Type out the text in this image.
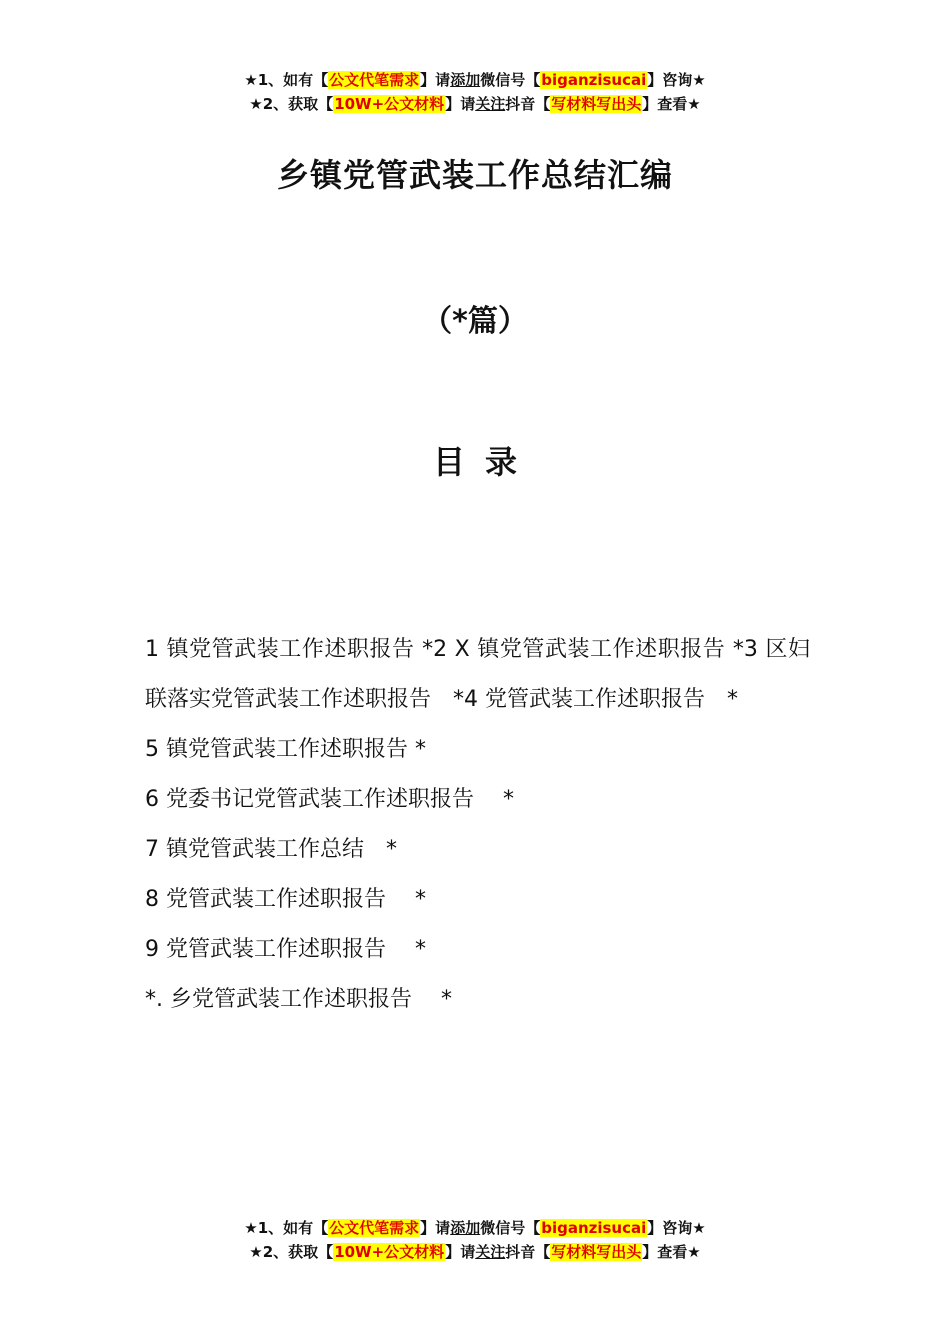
★1、如有【公文代笔需求】请添加微信号【biganzisucai】咨询★
★2、获取【10W+公文材料】请关注抖音【写材料写出头】查看★
乡镇党管武装工作总结汇编
（*篇）
目录
1 镇党管武装工作述职报告 *2 X 镇党管武装工作述职报告 *3 区妇联落实党管武装工作述职报告　*4 党管武装工作述职报告　*
5 镇党管武装工作述职报告 *
6 党委书记党管武装工作述职报告　 *
7 镇党管武装工作总结　*
8 党管武装工作述职报告　 *
9 党管武装工作述职报告　 *
*. 乡党管武装工作述职报告　 *
★1、如有【公文代笔需求】请添加微信号【biganzisucai】咨询★
★2、获取【10W+公文材料】请关注抖音【写材料写出头】查看★
